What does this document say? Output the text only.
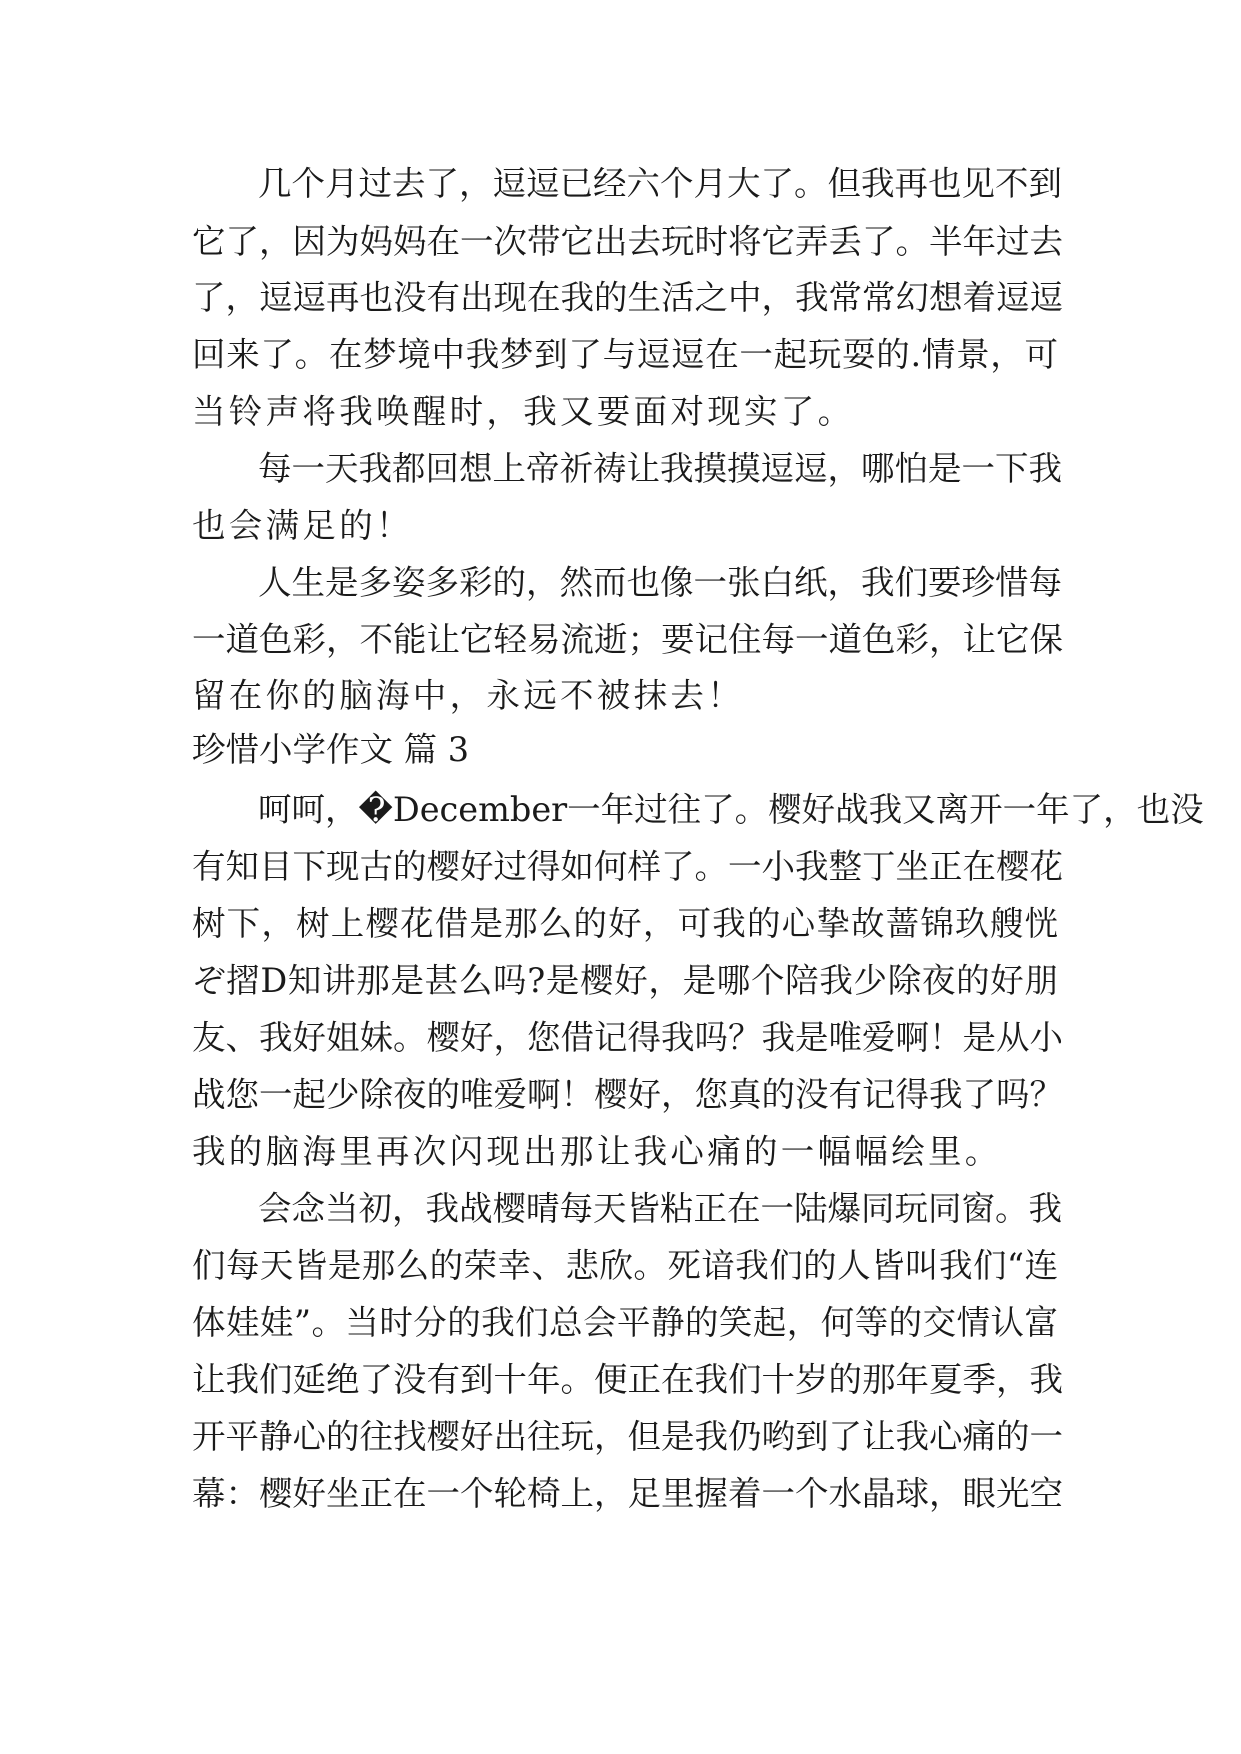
几个月过去了，逗逗已经六个月大了。但我再也见不到
它了，因为妈妈在一次带它出去玩时将它弄丢了。半年过去
了，逗逗再也没有出现在我的生活之中，我常常幻想着逗逗
回来了。在梦境中我梦到了与逗逗在一起玩耍的.情景，可
当铃声将我唤醒时，我又要面对现实了。
每一天我都回想上帝祈祷让我摸摸逗逗，哪怕是一下我
也会满足的！
人生是多姿多彩的，然而也像一张白纸，我们要珍惜每
一道色彩，不能让它轻易流逝；要记住每一道色彩，让它保
留在你的脑海中，永远不被抹去！
珍惜小学作文 篇 3
呵呵，�December一年过往了。樱好战我又离开一年了，也没
有知目下现古的樱好过得如何样了。一小我整丁坐正在樱花
树下，树上樱花借是那么的好，可我的心挚故蔷锦玖艘恍
ぞ摺D知讲那是甚么吗?是樱好，是哪个陪我少除夜的好朋
友、我好姐妹。樱好，您借记得我吗？我是唯爱啊！是从小
战您一起少除夜的唯爱啊！樱好，您真的没有记得我了吗？
我的脑海里再次闪现出那让我心痛的一幅幅绘里。
会念当初，我战樱晴每天皆粘正在一陆爆同玩同窗。我
们每天皆是那么的荣幸、悲欣。死谙我们的人皆叫我们“连
体娃娃”。当时分的我们总会平静的笑起，何等的交情认富
让我们延绝了没有到十年。便正在我们十岁的那年夏季，我
开平静心的往找樱好出往玩，但是我仍哟到了让我心痛的一
幕：樱好坐正在一个轮椅上，足里握着一个水晶球，眼光空
